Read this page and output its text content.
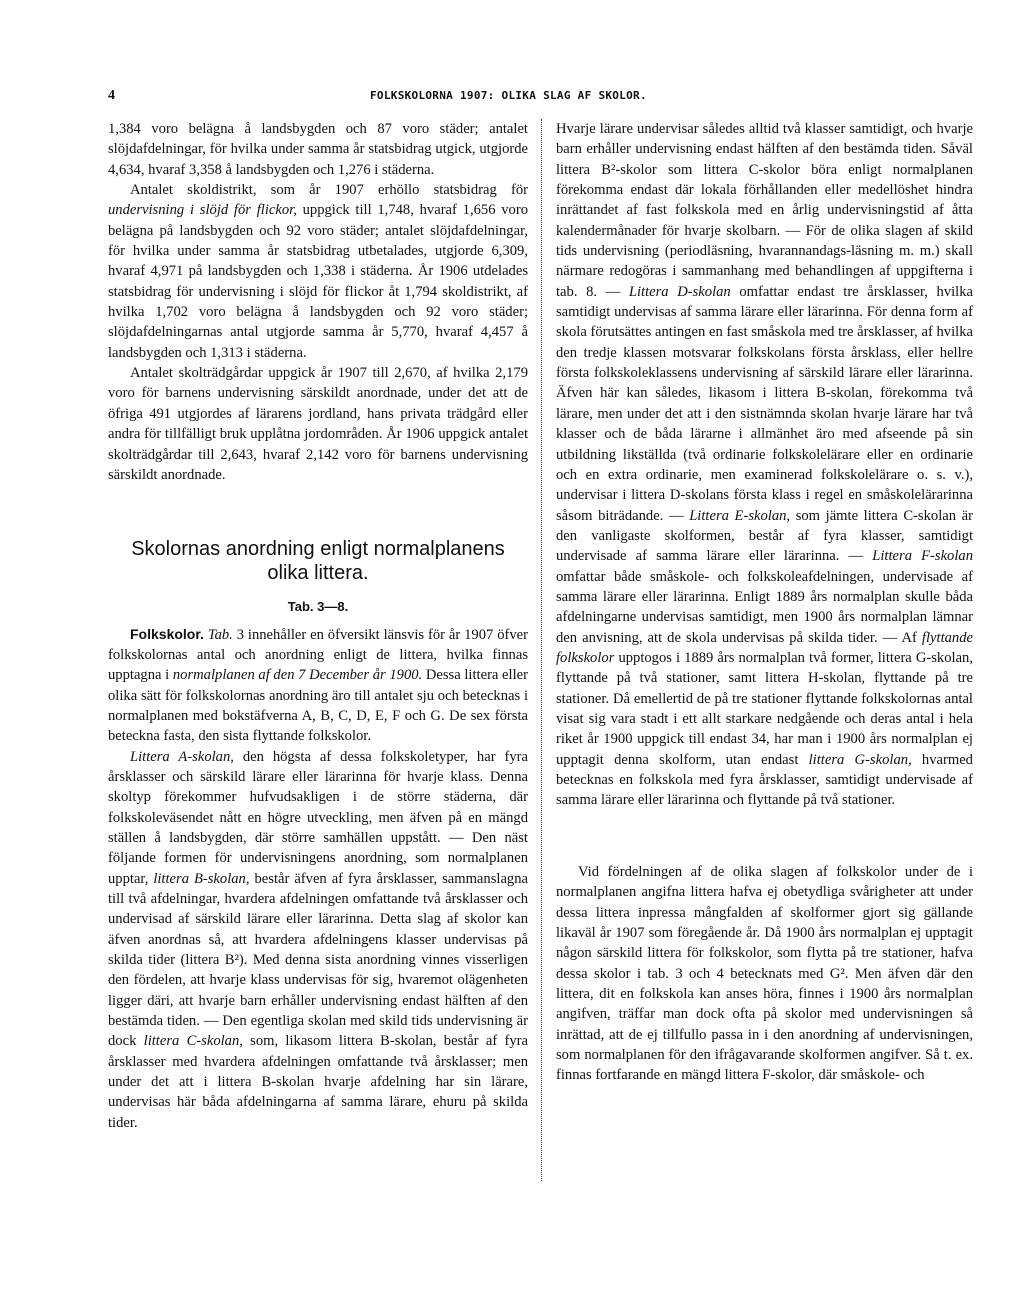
4	FOLKSKOLORNA 1907: OLIKA SLAG AF SKOLOR.

1,384 voro belägna å landsbygden och 87 voro städer; antalet slöjdafdelningar, för hvilka under samma år statsbidrag utgick, utgjorde 4,634, hvaraf 3,358 å landsbygden och 1,276 i städerna.

Antalet skoldistrikt, som år 1907 erhöllo statsbidrag för undervisning i slöjd för flickor, uppgick till 1,748, hvaraf 1,656 voro belägna på landsbygden och 92 voro städer; antalet slöjdafdelningar, för hvilka under samma år statsbidrag utbetalades, utgjorde 6,309, hvaraf 4,971 på landsbygden och 1,338 i städerna. År 1906 utdelades statsbidrag för undervisning i slöjd för flickor åt 1,794 skoldistrikt, af hvilka 1,702 voro belägna å landsbygden och 92 voro städer; slöjdafdelningarnas antal utgjorde samma år 5,770, hvaraf 4,457 å landsbygden och 1,313 i städerna.

Antalet skolträdgårdar uppgick år 1907 till 2,670, af hvilka 2,179 voro för barnens undervisning särskildt anordnade, under det att de öfriga 491 utgjordes af lärarens jordland, hans privata trädgård eller andra för tillfälligt bruk upplåtna jordområden. År 1906 uppgick antalet skolträdgårdar till 2,643, hvaraf 2,142 voro för barnens undervisning särskildt anordnade.

Skolornas anordning enligt normalplanens olika littera.
Tab. 3—8.

Folkskolor. Tab. 3 innehåller en öfversikt länsvis för år 1907 öfver folkskolornas antal och anordning enligt de littera, hvilka finnas upptagna i normalplanen af den 7 December år 1900. Dessa littera eller olika sätt för folkskolornas anordning äro till antalet sju och betecknas i normalplanen med bokstäfverna A, B, C, D, E, F och G. De sex första beteckna fasta, den sista flyttande folkskolor.

Littera A-skolan, den högsta af dessa folkskoletyper, har fyra årsklasser och särskild lärare eller lärarinna för hvarje klass. Denna skoltyp förekommer hufvudsakligen i de större städerna, där folkskoleväsendet nått en högre utveckling, men äfven på en mängd ställen å landsbygden, där större samhällen uppstått. — Den näst följande formen för undervisningens anordning, som normalplanen upptar, littera B-skolan, består äfven af fyra årsklasser, sammanslagna till två afdelningar, hvardera afdelningen omfattande två årsklasser och undervisad af särskild lärare eller lärarinna. Detta slag af skolor kan äfven anordnas så, att hvardera afdelningens klasser undervisas på skilda tider (littera B²). Med denna sista anordning vinnes visserligen den fördelen, att hvarje klass undervisas för sig, hvaremot olägenheten ligger däri, att hvarje barn erhåller undervisning endast hälften af den bestämda tiden. — Den egentliga skolan med skild tids undervisning är dock littera C-skolan, som, likasom littera B-skolan, består af fyra årsklasser med hvardera afdelningen omfattande två årsklasser; men under det att i littera B-skolan hvarje afdelning har sin lärare, undervisas här båda afdelningarna af samma lärare, ehuru på skilda tider.

Hvarje lärare undervisar således alltid två klasser samtidigt, och hvarje barn erhåller undervisning endast hälften af den bestämda tiden. Såväl littera B²-skolor som littera C-skolor böra enligt normalplanen förekomma endast där lokala förhållanden eller medellöshet hindra inrättandet af fast folkskola med en årlig undervisningstid af åtta kalendermånader för hvarje skolbarn. — För de olika slagen af skild tids undervisning (periodläsning, hvarannandags-läsning m. m.) skall närmare redogöras i sammanhang med behandlingen af uppgifterna i tab. 8. — Littera D-skolan omfattar endast tre årsklasser, hvilka samtidigt undervisas af samma lärare eller lärarinna. För denna form af skola förutsättes antingen en fast småskola med tre årsklasser, af hvilka den tredje klassen motsvarar folkskolans första årsklass, eller hellre första folkskoleklassens undervisning af särskild lärare eller lärarinna. Äfven här kan således, likasom i littera B-skolan, förekomma två lärare, men under det att i den sistnämnda skolan hvarje lärare har två klasser och de båda lärarne i allmänhet äro med afseende på sin utbildning likställda (två ordinarie folkskolelärare eller en ordinarie och en extra ordinarie, men examinerad folkskolelärare o. s. v.), undervisar i littera D-skolans första klass i regel en småskolelärarinna såsom biträdande. — Littera E-skolan, som jämte littera C-skolan är den vanligaste skolformen, består af fyra klasser, samtidigt undervisade af samma lärare eller lärarinna. — Littera F-skolan omfattar både småskole- och folkskoleafdelningen, undervisade af samma lärare eller lärarinna. Enligt 1889 års normalplan skulle båda afdelningarne undervisas samtidigt, men 1900 års normalplan lämnar den anvisning, att de skola undervisas på skilda tider. — Af flyttande folkskolor upptogos i 1889 års normalplan två former, littera G-skolan, flyttande på två stationer, samt littera H-skolan, flyttande på tre stationer. Då emellertid de på tre stationer flyttande folkskolornas antal visat sig vara stadt i ett allt starkare nedgående och deras antal i hela riket år 1900 uppgick till endast 34, har man i 1900 års normalplan ej upptagit denna skolform, utan endast littera G-skolan, hvarmed betecknas en folkskola med fyra årsklasser, samtidigt undervisade af samma lärare eller lärarinna och flyttande på två stationer.

Vid fördelningen af de olika slagen af folkskolor under de i normalplanen angifna littera hafva ej obetydliga svårigheter att under dessa littera inpressa mångfalden af skolformer gjort sig gällande likaväl år 1907 som föregående år. Då 1900 års normalplan ej upptagit någon särskild littera för folkskolor, som flytta på tre stationer, hafva dessa skolor i tab. 3 och 4 betecknats med G². Men äfven där den littera, dit en folkskola kan anses höra, finnes i 1900 års normalplan angifven, träffar man dock ofta på skolor med undervisningen så inrättad, att de ej tillfullo passa in i den anordning af undervisningen, som normalplanen för den ifrågavarande skolformen angifver. Så t. ex. finnas fortfarande en mängd littera F-skolor, där småskole- och
